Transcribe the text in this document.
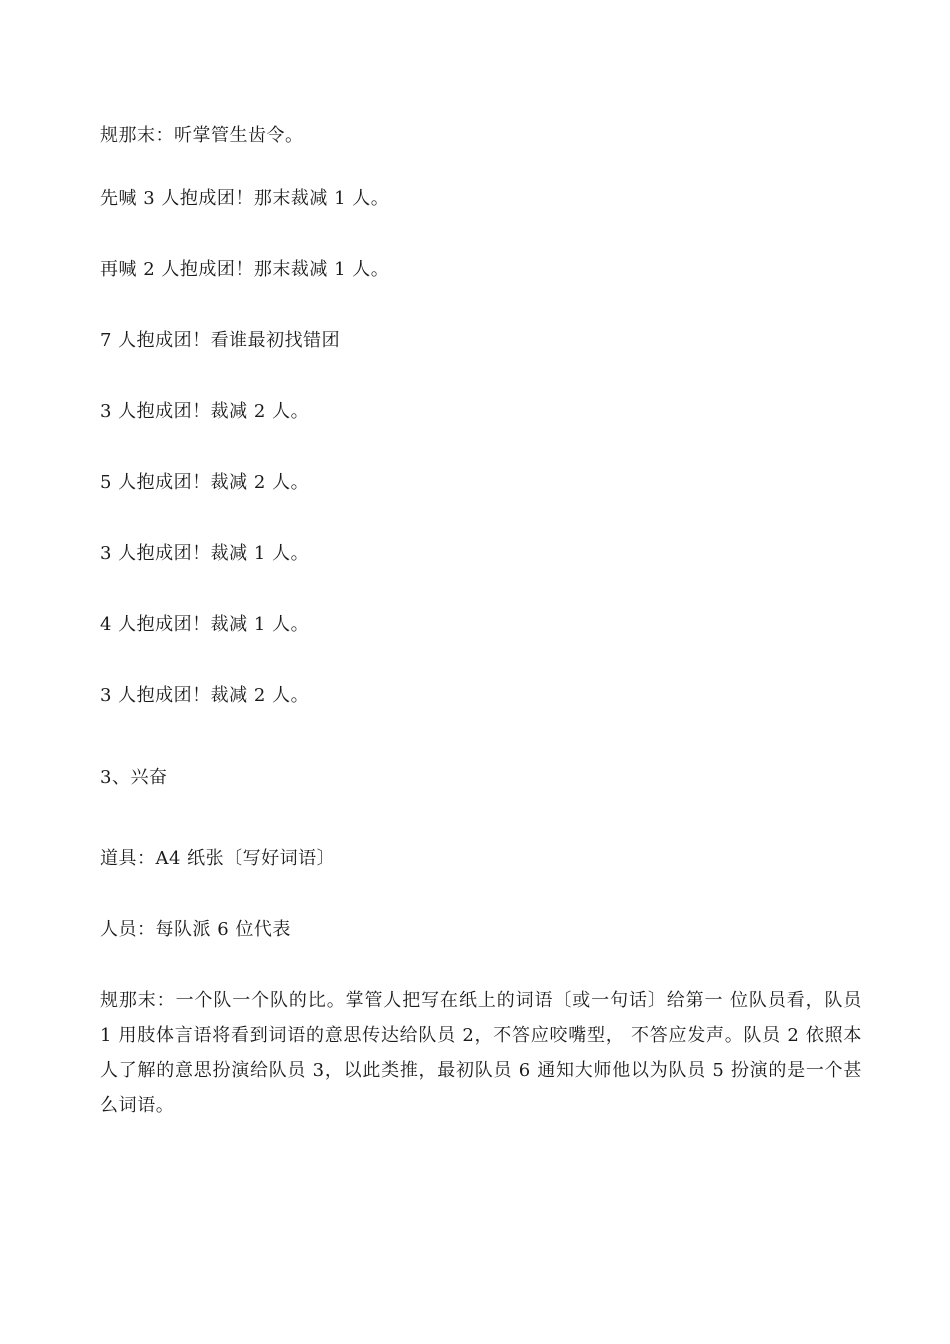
规那末：听掌管生齿令。
先喊 3 人抱成团！那末裁减 1 人。
再喊 2 人抱成团！那末裁减 1 人。
7 人抱成团！看谁最初找错团
3 人抱成团！裁减 2 人。
5 人抱成团！裁减 2 人。
3 人抱成团！裁减 1 人。
4 人抱成团！裁减 1 人。
3 人抱成团！裁减 2 人。
3、兴奋
道具：A4 纸张〔写好词语〕
人员：每队派 6 位代表
规那末：一个队一个队的比。掌管人把写在纸上的词语〔或一句话〕给第一 位队员看，队员 1 用肢体言语将看到词语的意思传达给队员 2，不答应咬嘴型， 不答应发声。队员 2 依照本人了解的意思扮演给队员 3，以此类推，最初队员 6 通知大师他以为队员 5 扮演的是一个甚么词语。
